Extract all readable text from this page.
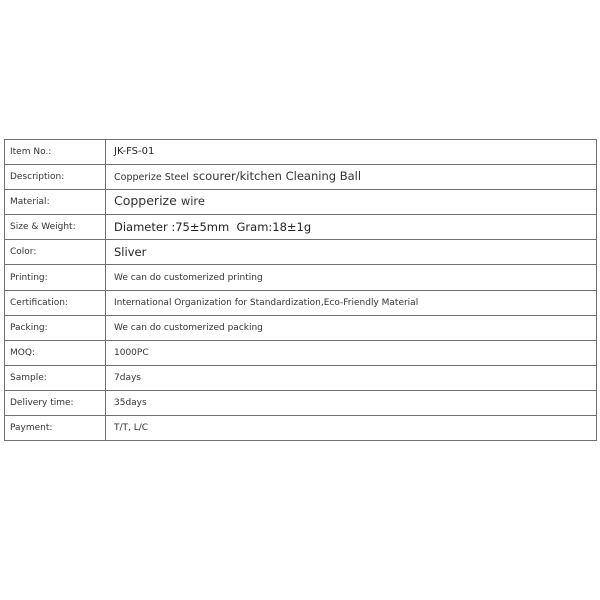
Item No.:	JK-FS-01
Description:	Copperize Steel scourer/kitchen Cleaning Ball
Material:	Copperize wire
Size & Weight:	Diameter :75±5mm  Gram:18±1g
Color:	Sliver
Printing:	We can do customerized printing
Certification:	International Organization for Standardization,Eco-Friendly Material
Packing:	We can do customerized packing
MOQ:	1000PC
Sample:	7days
Delivery time:	35days
Payment:	T/T, L/C
